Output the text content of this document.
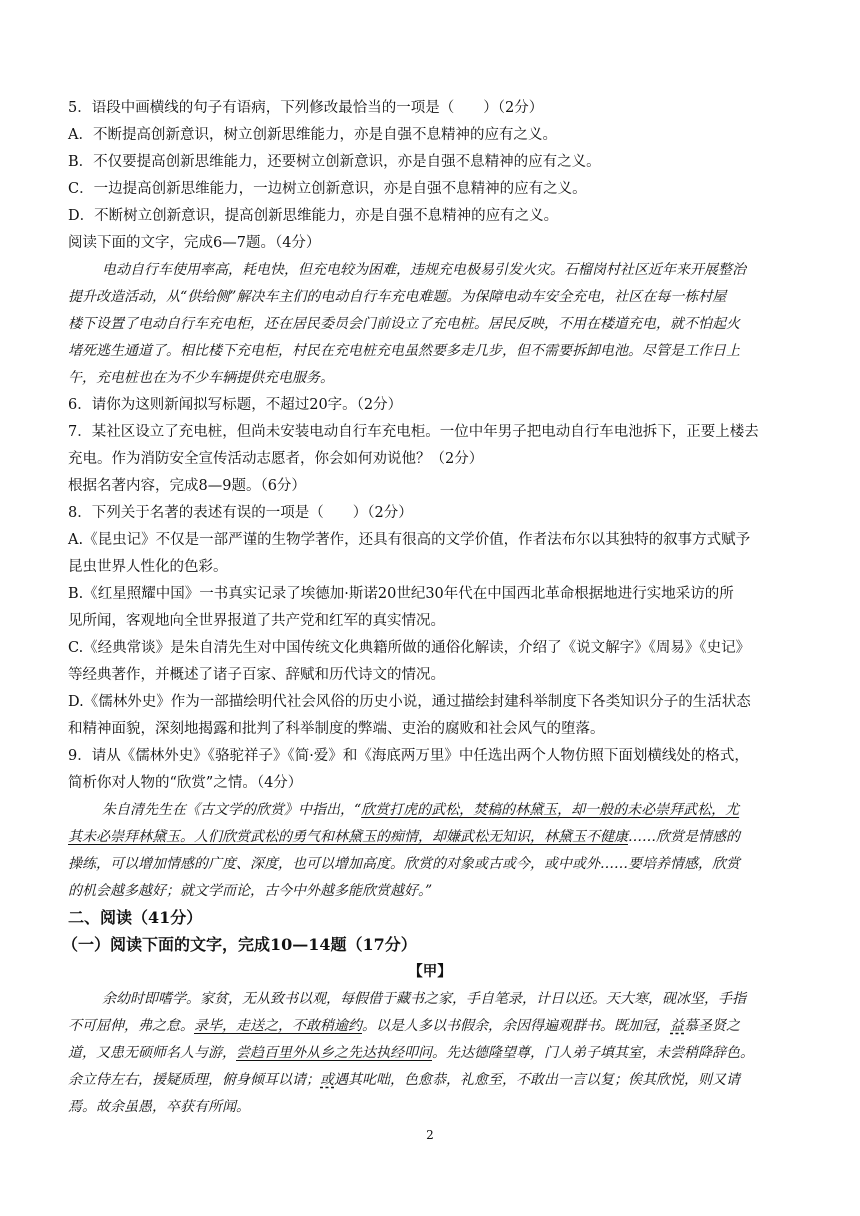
5．语段中画横线的句子有语病，下列修改最恰当的一项是（　　）（2分）
A．不断提高创新意识，树立创新思维能力，亦是自强不息精神的应有之义。
B．不仅要提高创新思维能力，还要树立创新意识，亦是自强不息精神的应有之义。
C．一边提高创新思维能力，一边树立创新意识，亦是自强不息精神的应有之义。
D．不断树立创新意识，提高创新思维能力，亦是自强不息精神的应有之义。
阅读下面的文字，完成6—7题。（4分）
电动自行车使用率高，耗电快，但充电较为困难，违规充电极易引发火灾。石榴岗村社区近年来开展整治
提升改造活动，从“供给侧”解决车主们的电动自行车充电难题。为保障电动车安全充电，社区在每一栋村屋
楼下设置了电动自行车充电柜，还在居民委员会门前设立了充电桩。居民反映，不用在楼道充电，就不怕起火
堵死逃生通道了。相比楼下充电柜，村民在充电桩充电虽然要多走几步，但不需要拆卸电池。尽管是工作日上
午，充电桩也在为不少车辆提供充电服务。
6．请你为这则新闻拟写标题，不超过20字。（2分）
7．某社区设立了充电桩，但尚未安装电动自行车充电柜。一位中年男子把电动自行车电池拆下，正要上楼去
充电。作为消防安全宣传活动志愿者，你会如何劝说他？（2分）
根据名著内容，完成8—9题。（6分）
8．下列关于名著的表述有误的一项是（　　）（2分）
A.《昆虫记》不仅是一部严谨的生物学著作，还具有很高的文学价值，作者法布尔以其独特的叙事方式赋予
昆虫世界人性化的色彩。
B.《红星照耀中国》一书真实记录了埃德加·斯诺20世纪30年代在中国西北革命根据地进行实地采访的所
见所闻，客观地向全世界报道了共产党和红军的真实情况。
C.《经典常谈》是朱自清先生对中国传统文化典籍所做的通俗化解读，介绍了《说文解字》《周易》《史记》
等经典著作，并概述了诸子百家、辞赋和历代诗文的情况。
D.《儒林外史》作为一部描绘明代社会风俗的历史小说，通过描绘封建科举制度下各类知识分子的生活状态
和精神面貌，深刻地揭露和批判了科举制度的弊端、吏治的腐败和社会风气的堕落。
9．请从《儒林外史》《骆驼祥子》《简·爱》和《海底两万里》中任选出两个人物仿照下面划横线处的格式，
简析你对人物的“欣赏”之情。（4分）
朱自清先生在《古文学的欣赏》中指出，“欣赏打虎的武松，焚稿的林黛玉，却一般的未必崇拜武松，尤
其未必崇拜林黛玉。人们欣赏武松的勇气和林黛玉的痴情，却嫌武松无知识，林黛玉不健康……欣赏是情感的
操练，可以增加情感的广度、深度，也可以增加高度。欣赏的对象或古或今，或中或外……要培养情感，欣赏
的机会越多越好；就文学而论，古今中外越多能欣赏越好。”
二、阅读（41分）
（一）阅读下面的文字，完成10—14题（17分）
【甲】
余幼时即嗜学。家贫，无从致书以观，每假借于藏书之家，手自笔录，计日以还。天大寒，砚冰坚，手指
不可屈伸，弗之怠。录毕，走送之，不敢稍逾约。以是人多以书假余，余因得遍观群书。既加冠，益慕圣贤之
道，又患无硕师名人与游，尝趋百里外从乡之先达执经叩问。先达德隆望尊，门人弟子填其室，未尝稍降辞色。
余立侍左右，援疑质理，俯身倾耳以请；或遇其叱咄，色愈恭，礼愈至，不敢出一言以复；俟其欣悦，则又请
焉。故余虽愚，卒获有所闻。
2
